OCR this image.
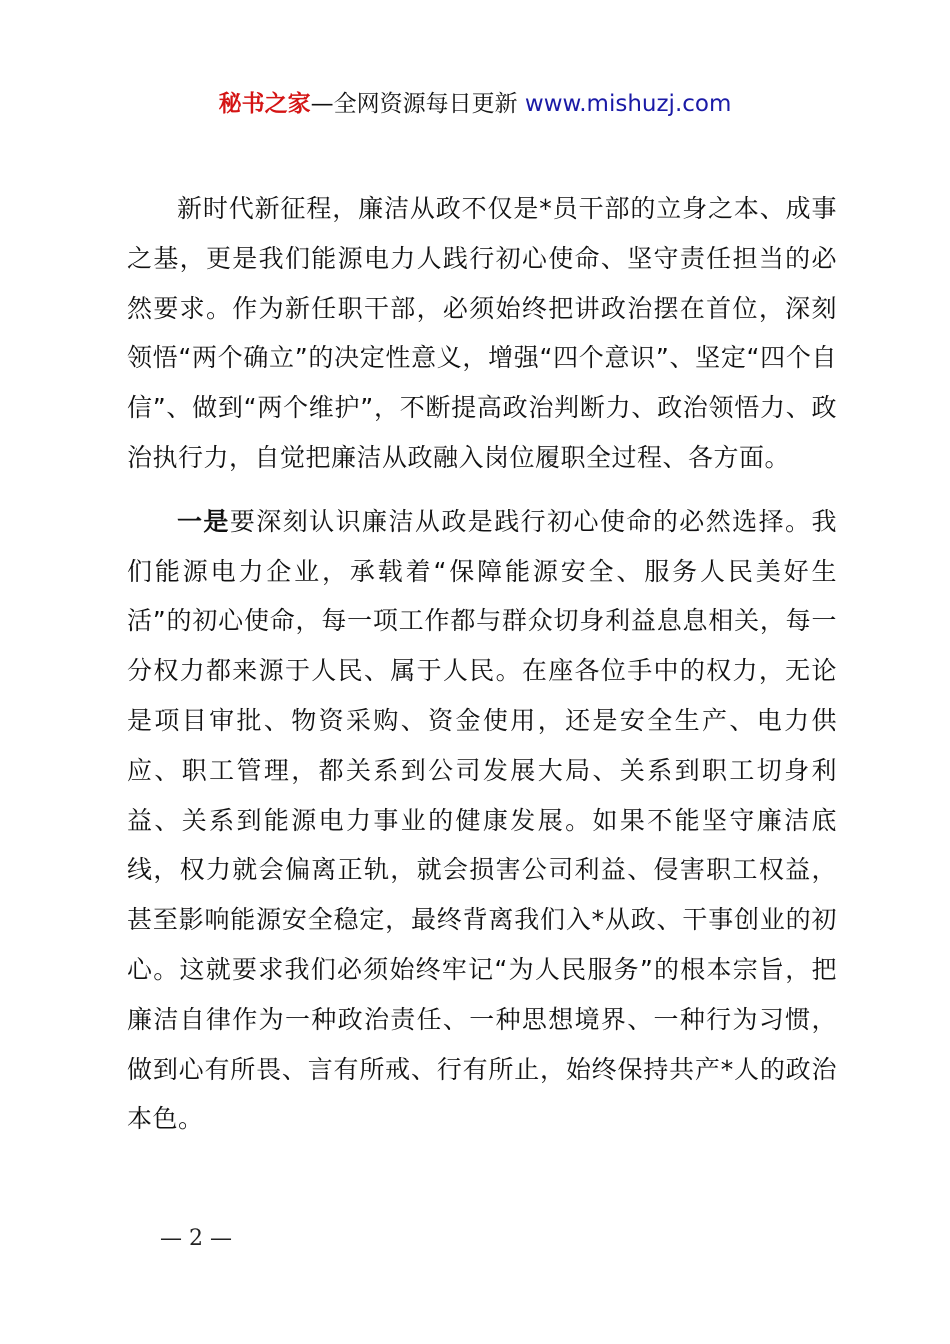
秘书之家—全网资源每日更新 www.mishuzj.com

新时代新征程，廉洁从政不仅是*员干部的立身之本、成事之基，更是我们能源电力人践行初心使命、坚守责任担当的必然要求。作为新任职干部，必须始终把讲政治摆在首位，深刻领悟“两个确立”的决定性意义，增强“四个意识”、坚定“四个自信”、做到“两个维护”，不断提高政治判断力、政治领悟力、政治执行力，自觉把廉洁从政融入岗位履职全过程、各方面。

一是要深刻认识廉洁从政是践行初心使命的必然选择。我们能源电力企业，承载着“保障能源安全、服务人民美好生活”的初心使命，每一项工作都与群众切身利益息息相关，每一分权力都来源于人民、属于人民。在座各位手中的权力，无论是项目审批、物资采购、资金使用，还是安全生产、电力供应、职工管理，都关系到公司发展大局、关系到职工切身利益、关系到能源电力事业的健康发展。如果不能坚守廉洁底线，权力就会偏离正轨，就会损害公司利益、侵害职工权益，甚至影响能源安全稳定，最终背离我们入*从政、干事创业的初心。这就要求我们必须始终牢记“为人民服务”的根本宗旨，把廉洁自律作为一种政治责任、一种思想境界、一种行为习惯，做到心有所畏、言有所戒、行有所止，始终保持共产*人的政治本色。

— 2 —
